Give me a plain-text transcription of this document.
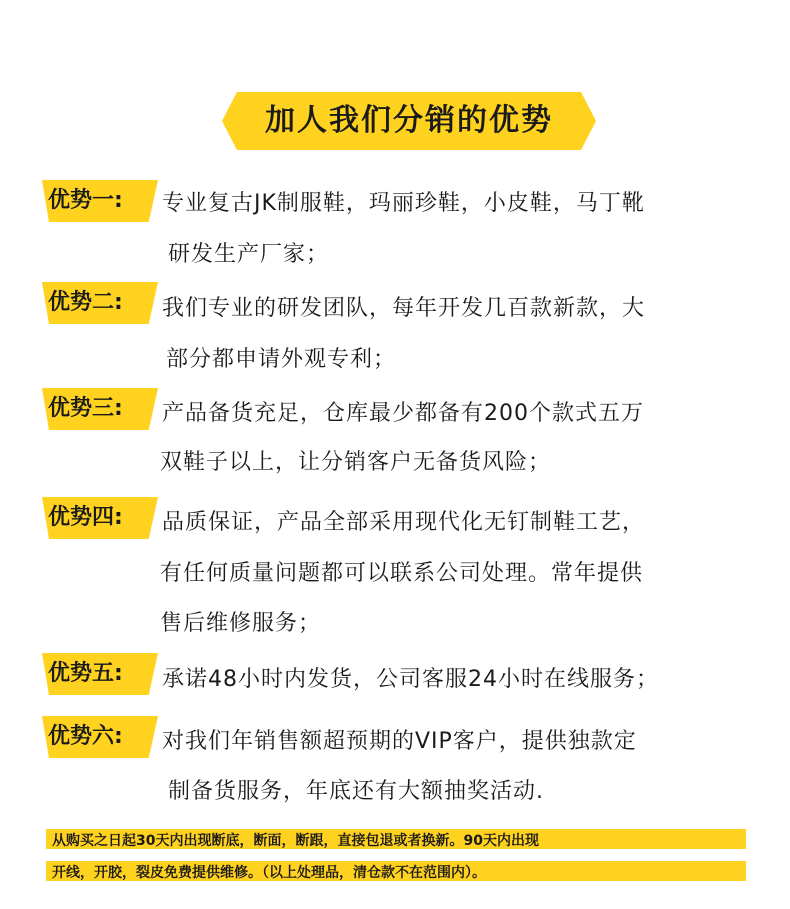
加人我们分销的优势
优势一:	专业复古JK制服鞋，玛丽珍鞋，小皮鞋，马丁靴
研发生产厂家；
优势二:	我们专业的研发团队，每年开发几百款新款，大
部分都申请外观专利；
优势三:	产品备货充足，仓库最少都备有200个款式五万
双鞋子以上，让分销客户无备货风险；
优势四:	品质保证，产品全部采用现代化无钉制鞋工艺，
有任何质量问题都可以联系公司处理。常年提供
售后维修服务；
优势五:	承诺48小时内发货，公司客服24小时在线服务；
优势六:	对我们年销售额超预期的VIP客户，提供独款定
制备货服务，年底还有大额抽奖活动.
从购买之日起30天内出现断底，断面，断跟，直接包退或者换新。90天内出现
开线，开胶，裂皮免费提供维修。（以上处理品，清仓款不在范围内）。
